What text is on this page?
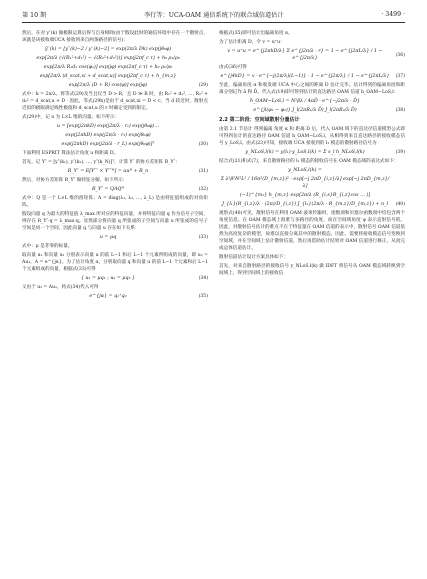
第 10 期	李行等：UCA-OAM 通信系统下的联合域信道估计	· 3499 ·

然后，在对 y″(k) 做极限运算后得与自身相除(由于假设此时的通信环境中存在一个散射点，该就是该接收端UCA 接收到来自两条路径的信号)：

ŷ′′(k) = [y′′(k)−2 / y′′(k)−2] = exp(2π/λ Dk) exp(jθ₀φ)
exp[2π/λ (√(R₁²+d₁²) − √(R₂²+d₂²))] exp(j2πf_c τ) + h₀ ρ₁/ρ₀
exp[2π/λ R₁d₁ cos(φ₁)] exp(jφ) exp(2πf_c τ) + h₀ ρ₁/ρ₀
exp[2π/λ (d_scat,xi + d_scat,u)] exp(j2πf_c τ) + h_{m,z}
exp[2π/λ (D + R) cos(φ)] exp(jφ)	(29)

式中：k = 2π/λ。将等式(29)及当且仅当 D > R，且 D ≫ R 时，由 R₁² + d₁², …, R₂² + d₂² = d_scat,u + D · 因此，等式(29b)是由于 d_scat,xi = D < c，当 d 较近时，散射点近似的极限满足线性极值和 d_scat,u 的 r 时确定受到的限定。

式(29)中，记 u 为 L×L 维的向量。如下所示：

u = [exp(j2πkD) exp(j2π/λ · r₁) exp(jθ₀φ)…
exp(j2πkD) exp(j2π/λ · r₂) exp(jθ₀φ)
exp(j2πkD) exp(j2π/λ · r_L) exp(jθ₀φ)]ᵀ	(30)

下面利用 ESPRIT 算法估计角度 u 和距离 D。

首先，记 Y″ = [y″(k₁), y″(k₂), …, y″(k_N)]ᵀ，计算 Y″ 的协方差矩阵 R_Y″：

R_Y″ = E[Y″″ × Y″″ᴴ] = uuᴴ + R_n	(31)

然后，对协方差矩阵 R_Y″ 做特征分解，如下所示：

R_Y″ = QΛQᴴ	(32)

式中：Q 是一个 L×L 维的酉矩阵；Λ = diag(λ₁, λ₂, …, λ_L) 是由特征值组成的对角矩阵。

假设向量 q 为最大的特征值 λ_max 所对应的特征向量，并将特征向量 q 作为信号子空间，则存在 R_Y″·q = λ_max·q。显然部分将向量 q 所张成的子空间与向量 u 所张成的信号子空间是同一个空间，因此向量 q 与向量 u 存在如下关系：

u = μq	(33)

式中：μ 是非零的标量。

取向量 u₁ 和向量 u₂ 分别表示向量 u 的前 L−1 和后 L−1 个元素所组成的向量，即 u₂ = Au₁，A = e^{jα}。为了估计角度 α，分别取向量 q 和向量 u 的前 L−1 个元素和后 L−1 个元素组成的向量，根据式(33)可得

{ u₁ = μq₁ ; u₂ = μq₂ }	(34)

又由于 u₂ = Au₁，将式(34)代入可得

e^{jα} = q₁⁺q₂	(35)

根据式(35)即可估计出偏离角度 α。

为了估计距离 D，令 v = u⁺u：

v = u⁺u = e^{j2πkD/λ} Σ e^{j2π/λ · r} = 1 − e^{j2πL/λ} / 1 − e^{j2π/λ}
(36)

由式(36)可得

e^{j4kD} = v · e^{−j(2π/λ)(L−1)} · 1 − e^{j2π/λ} / 1 − e^{j2πL/λ}	(37)

至此，偏离角度 α 和收发端 UCA 中心之间的距离 D 估计完毕。估计得到的偏离角度和距离分别记作 â 和 D̂。代入式(19)即可得到估计的直达路径 OAM 信道 h_OAM−LoS,l：

ĥ_OAM−LoS,l = N²βλ / 4πD̂ · e^{−j2π/λ · D̂}
e^{jl(φ₁ − φ₂)} J_l(2πR₁/λ D̂) J_l(2πR₂/λ D̂)	(38)
2.2 第二阶段：空间域散射分量估计

由第 2.1 节估计 得到偏离 角度 α 和 距离 D 后，代入 OAM 域下的直达径信道模型公式即可得到估计的直达路径 OAM 信道 h_OAM−LoS,l，从相得到来自直达路径的接收模态信号 y_LoS,l。由式(23)可知，接收端 UCA 接收到的 l₁ 模态的散射路径信号为

y_NLoS,l(k) = y(l₁)·y_LoS,l(k) = Σ s_l h_NLoS,l(k)	(39)

结合式(21)和式(7)，来自散射路径的 l₁ 模态的接收信号在 OAM 模态域的表达式如下：

y_NLoS,l(k) =
Σ λ²β²N²L² / 16π²(D_{m,z})² · exp[−j 2πD_{i,z}/λ] exp[−j 2πD_{m,z}/λ]
(−1)^{m₁} h_{m,z} exp[2π/λ (R_{i,s}R_{i,z}cos … )]
J_{l₁}(R_{i,z}/λ · (2π)/D_{i,z}) J_{l₂}(2π/λ · R_{m,z}/D_{m,z}) + n_l	(40)

观察式(40)可见，散射信号在利用 OAM 波束传输时，指数项和贝塞尔函数项中均包含两个角度信息。在 OAM 模态域上很难与多路径的角度，而在空间域角度 ψ 表示直射信号的。因此，对散射信号估计的难点不在于特征量在 OAM 信道的表示中，散射信号 OAM 信道依然为高度复杂的模型，故难以直接分离其中的散射模态。因此，需要将接收模态信号变换到空间域，并在空间域上估计散射信道，然后再借助估计结果对 OAM 信道进行修正，从而完成总体信道估计。

散射信道估计设计方案具体如下：

首先，对来自散射路径的接收信号 y_NLoS,l(k) 做 IDFT 将信号从 OAM 模态域转换到空间域上，得到空间域上的接收信
